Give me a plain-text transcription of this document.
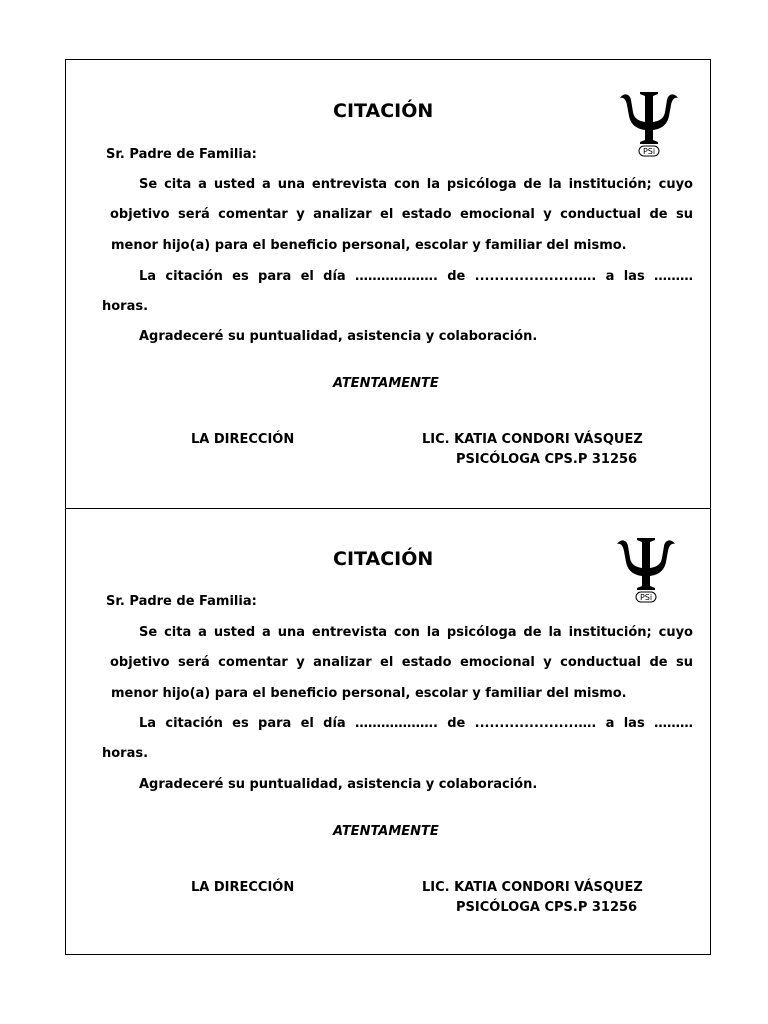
CITACIÓN
PSi
Sr. Padre de Familia:
Se cita a usted a una entrevista con la psicóloga de la institución; cuyo
objetivo será comentar y analizar el estado emocional y conductual de su
menor hijo(a) para el beneficio personal, escolar y familiar del mismo.
La citación es para el día ………………. de .....................…. a las ………
horas.
Agradeceré su puntualidad, asistencia y colaboración.
ATENTAMENTE
LA DIRECCIÓN	LIC. KATIA CONDORI VÁSQUEZ
PSICÓLOGA CPS.P 31256
CITACIÓN
PSi
Sr. Padre de Familia:
Se cita a usted a una entrevista con la psicóloga de la institución; cuyo
objetivo será comentar y analizar el estado emocional y conductual de su
menor hijo(a) para el beneficio personal, escolar y familiar del mismo.
La citación es para el día ………………. de .....................…. a las ………
horas.
Agradeceré su puntualidad, asistencia y colaboración.
ATENTAMENTE
LA DIRECCIÓN	LIC. KATIA CONDORI VÁSQUEZ
PSICÓLOGA CPS.P 31256
